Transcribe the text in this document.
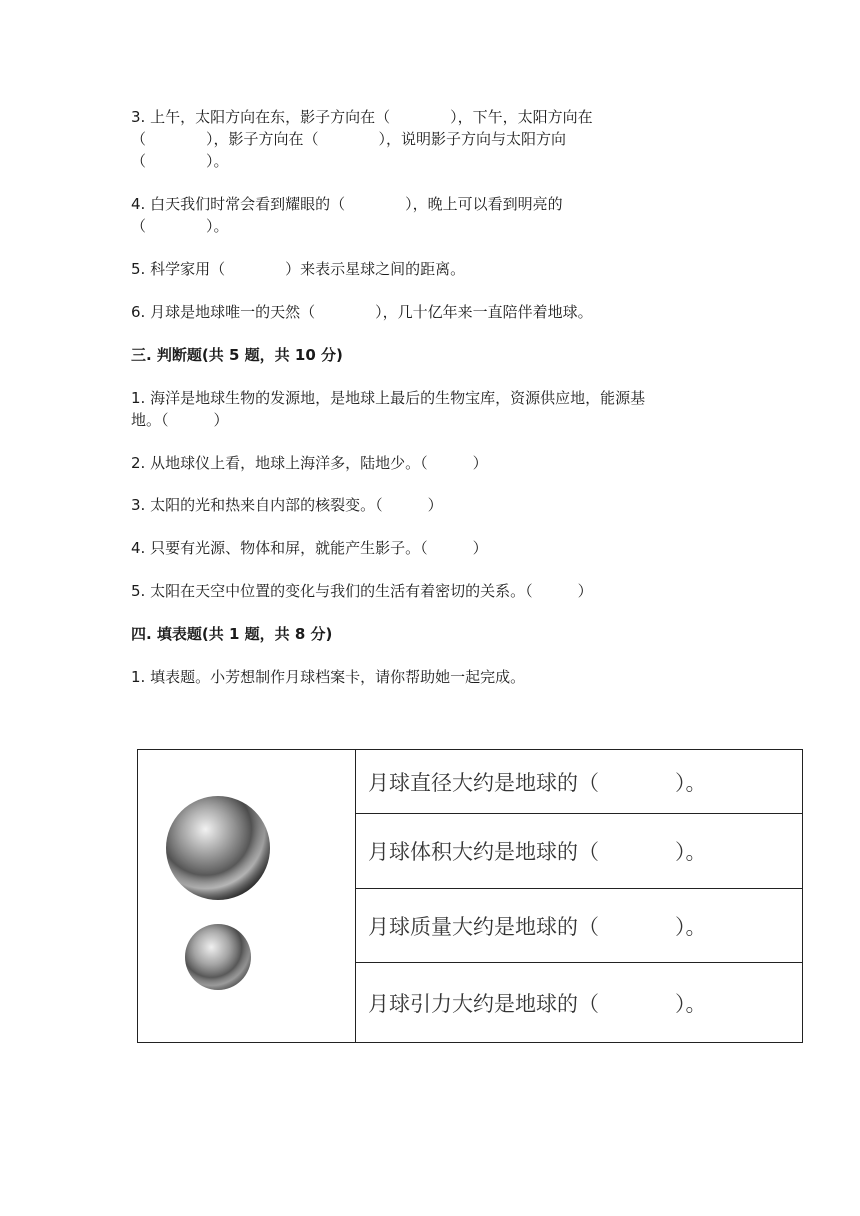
3. 上午，太阳方向在东，影子方向在（　　　　），下午，太阳方向在
（　　　　），影子方向在（　　　　），说明影子方向与太阳方向
（　　　　）。
4. 白天我们时常会看到耀眼的（　　　　），晚上可以看到明亮的
（　　　　）。
5. 科学家用（　　　　）来表示星球之间的距离。
6. 月球是地球唯一的天然（　　　　），几十亿年来一直陪伴着地球。
三. 判断题(共 5 题，共 10 分)
1. 海洋是地球生物的发源地，是地球上最后的生物宝库，资源供应地，能源基
地。（　　　）
2. 从地球仪上看，地球上海洋多，陆地少。（　　　）
3. 太阳的光和热来自内部的核裂变。（　　　）
4. 只要有光源、物体和屏，就能产生影子。（　　　）
5. 太阳在天空中位置的变化与我们的生活有着密切的关系。（　　　）
四. 填表题(共 1 题，共 8 分)
1. 填表题。小芳想制作月球档案卡，请你帮助她一起完成。
月球直径大约是地球的（	）。
月球体积大约是地球的（	）。
月球质量大约是地球的（	）。
月球引力大约是地球的（	）。
